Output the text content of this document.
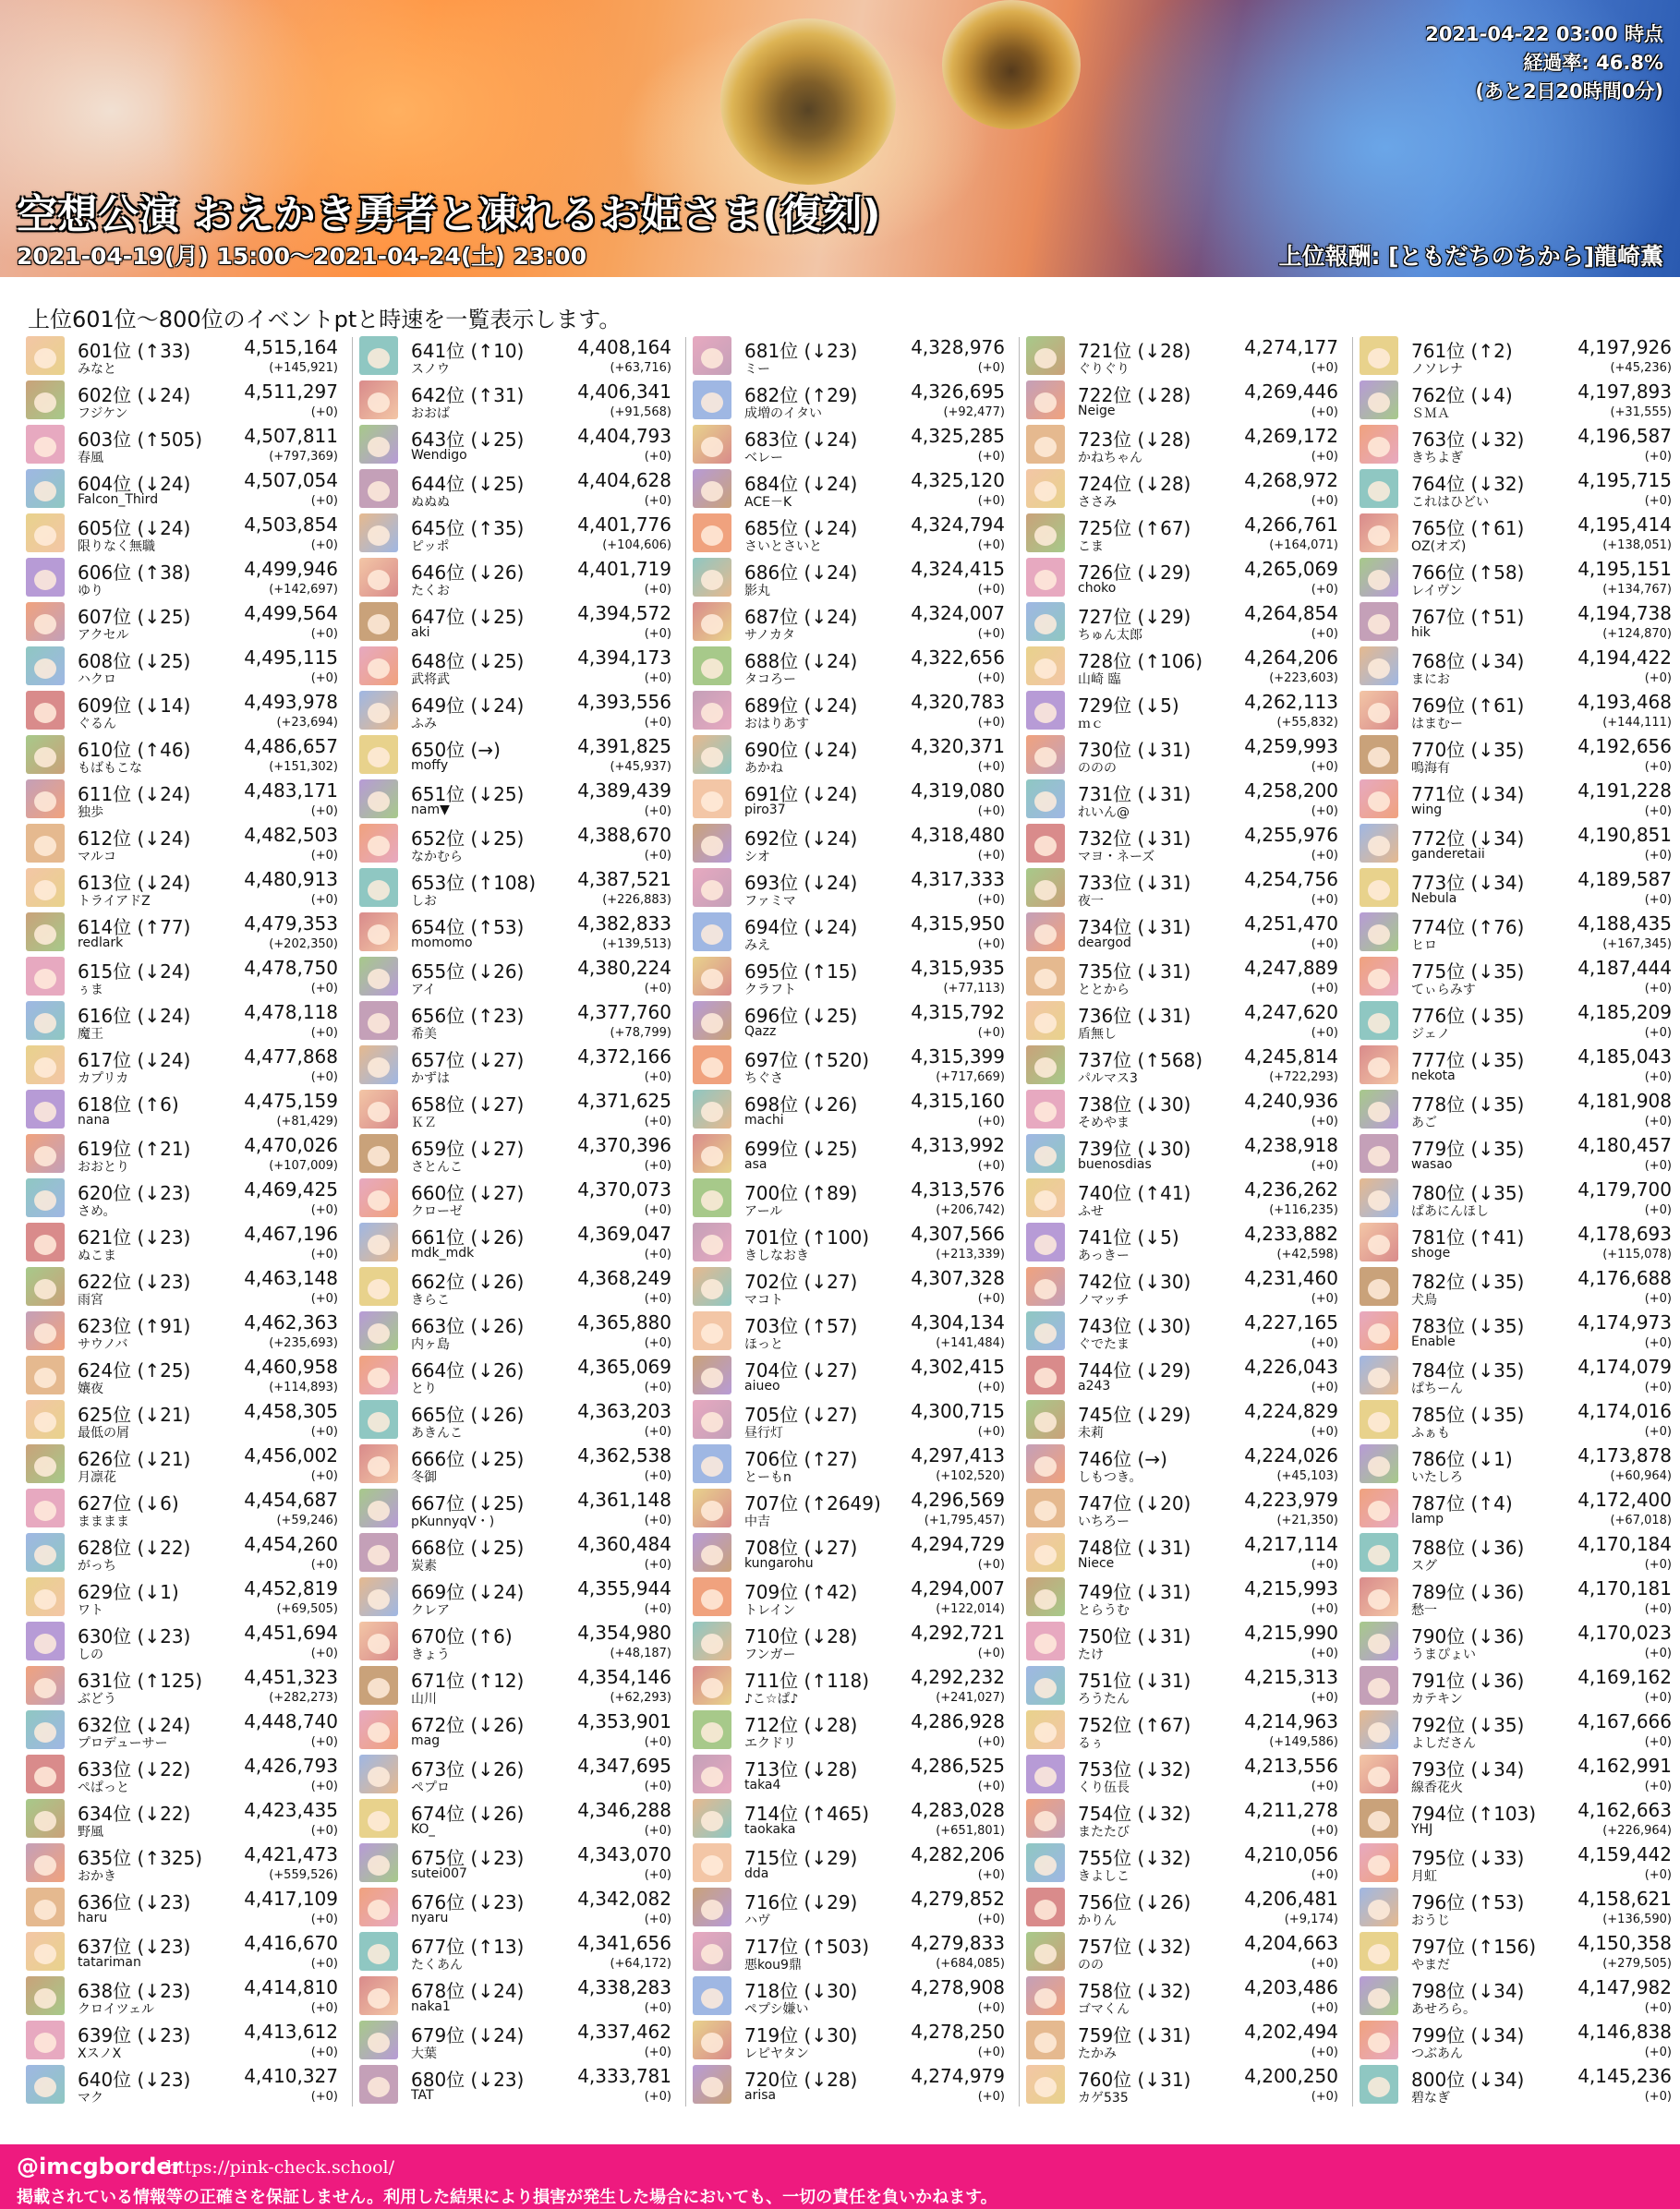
空想公演 おえかき勇者と凍れるお姫さま(復刻)
2021-04-19(月) 15:00～2021-04-24(土) 23:00	上位報酬: [ともだちのちから]龍崎薫
2021-04-22 03:00 時点
経過率: 46.8%
(あと2日20時間0分)
上位601位～800位のイベントptと時速を一覧表示します。
601位 (↑33)	4,515,164
みなと	(+145,921)
602位 (↓24)	4,511,297
フジケン	(+0)
603位 (↑505) 4,507,811
春風	(+797,369)
604位 (↓24)	4,507,054
Falcon_Third	(+0)
605位 (↓24)	4,503,854
限りなく無職	(+0)
606位 (↑38)	4,499,946
ゆり	(+142,697)
607位 (↓25)	4,499,564
アクセル	(+0)
608位 (↓25)	4,495,115
ハクロ	(+0)
609位 (↓14)	4,493,978
ぐるん	(+23,694)
610位 (↑46)	4,486,657
もばもこな	(+151,302)
611位 (↓24)	4,483,171
独歩	(+0)
612位 (↓24)	4,482,503
マルコ	(+0)
613位 (↓24)	4,480,913
トライアドZ	(+0)
614位 (↑77)	4,479,353
redlark	(+202,350)
615位 (↓24)	4,478,750
ぅま	(+0)
616位 (↓24)	4,478,118
魔王	(+0)
617位 (↓24)	4,477,868
カプリカ	(+0)
618位 (↑6)	4,475,159
nana	(+81,429)
619位 (↑21)	4,470,026
おおとり	(+107,009)
620位 (↓23)	4,469,425
さめ。	(+0)
621位 (↓23)	4,467,196
ぬこま	(+0)
622位 (↓23)	4,463,148
雨宮	(+0)
623位 (↑91)	4,462,363
サウノバ	(+235,693)
624位 (↑25)	4,460,958
孃夜	(+114,893)
625位 (↓21)	4,458,305
最低の屑	(+0)
626位 (↓21)	4,456,002
月凛花	(+0)
627位 (↓6)	4,454,687
まままま	(+59,246)
628位 (↓22)	4,454,260
がっち	(+0)
629位 (↓1)	4,452,819
ワト	(+69,505)
630位 (↓23)	4,451,694
しの	(+0)
631位 (↑125) 4,451,323
ぶどう	(+282,273)
632位 (↓24)	4,448,740
プロデューサー	(+0)
633位 (↓22)	4,426,793
ぺぱっと	(+0)
634位 (↓22)	4,423,435
野風	(+0)
635位 (↑325) 4,421,473
おかき	(+559,526)
636位 (↓23)	4,417,109
haru	(+0)
637位 (↓23)	4,416,670
tatariman	(+0)
638位 (↓23)	4,414,810
クロイツェル	(+0)
639位 (↓23)	4,413,612
XスノX	(+0)
640位 (↓23)	4,410,327
マク	(+0)
641位 (↑10)	4,408,164
スノウ	(+63,716)
642位 (↑31)	4,406,341
おおば	(+91,568)
643位 (↓25)	4,404,793
Wendigo	(+0)
644位 (↓25)	4,404,628
ぬぬぬ	(+0)
645位 (↑35)	4,401,776
ピッポ	(+104,606)
646位 (↓26)	4,401,719
たくお	(+0)
647位 (↓25)	4,394,572
aki	(+0)
648位 (↓25)	4,394,173
武将武	(+0)
649位 (↓24)	4,393,556
ふみ	(+0)
650位 (→)	4,391,825
moffy	(+45,937)
651位 (↓25)	4,389,439
nam▼	(+0)
652位 (↓25)	4,388,670
なかむら	(+0)
653位 (↑108) 4,387,521
しお	(+226,883)
654位 (↑53)	4,382,833
momomo	(+139,513)
655位 (↓26)	4,380,224
アイ	(+0)
656位 (↑23)	4,377,760
希美	(+78,799)
657位 (↓27)	4,372,166
かずは	(+0)
658位 (↓27)	4,371,625
ＫＺ	(+0)
659位 (↓27)	4,370,396
さとんこ	(+0)
660位 (↓27)	4,370,073
クローゼ	(+0)
661位 (↓26)	4,369,047
mdk_mdk	(+0)
662位 (↓26)	4,368,249
きらこ	(+0)
663位 (↓26)	4,365,880
内ヶ島	(+0)
664位 (↓26)	4,365,069
とり	(+0)
665位 (↓26)	4,363,203
あきんこ	(+0)
666位 (↓25)	4,362,538
冬御	(+0)
667位 (↓25)	4,361,148
pKunnyqV・)	(+0)
668位 (↓25)	4,360,484
炭素	(+0)
669位 (↓24)	4,355,944
クレア	(+0)
670位 (↑6)	4,354,980
きょう	(+48,187)
671位 (↑12)	4,354,146
山川	(+62,293)
672位 (↓26)	4,353,901
mag	(+0)
673位 (↓26)	4,347,695
ペプロ	(+0)
674位 (↓26)	4,346,288
KO_	(+0)
675位 (↓23)	4,343,070
sutei007	(+0)
676位 (↓23)	4,342,082
nyaru	(+0)
677位 (↑13)	4,341,656
たくあん	(+64,172)
678位 (↓24)	4,338,283
naka1	(+0)
679位 (↓24)	4,337,462
大葉	(+0)
680位 (↓23)	4,333,781
TAT	(+0)
681位 (↓23)	4,328,976
ミー	(+0)
682位 (↑29)	4,326,695
成増のイタい	(+92,477)
683位 (↓24)	4,325,285
ベレー	(+0)
684位 (↓24)	4,325,120
ACE－K	(+0)
685位 (↓24)	4,324,794
さいとさいと	(+0)
686位 (↓24)	4,324,415
影丸	(+0)
687位 (↓24)	4,324,007
サノカタ	(+0)
688位 (↓24)	4,322,656
タコろー	(+0)
689位 (↓24)	4,320,783
おはりあす	(+0)
690位 (↓24)	4,320,371
あかね	(+0)
691位 (↓24)	4,319,080
piro37	(+0)
692位 (↓24)	4,318,480
シオ	(+0)
693位 (↓24)	4,317,333
ファミマ	(+0)
694位 (↓24)	4,315,950
みえ	(+0)
695位 (↑15)	4,315,935
クラフト	(+77,113)
696位 (↓25)	4,315,792
Qazz	(+0)
697位 (↑520) 4,315,399
ちぐさ	(+717,669)
698位 (↓26)	4,315,160
machi	(+0)
699位 (↓25)	4,313,992
asa	(+0)
700位 (↑89)	4,313,576
アール	(+206,742)
701位 (↑100) 4,307,566
きしなおき	(+213,339)
702位 (↓27)	4,307,328
マコト	(+0)
703位 (↑57)	4,304,134
ほっと	(+141,484)
704位 (↓27)	4,302,415
aiueo	(+0)
705位 (↓27)	4,300,715
昼行灯	(+0)
706位 (↑27)	4,297,413
とーもn	(+102,520)
707位 (↑2649) 4,296,569
中吉	(+1,795,457)
708位 (↓27)	4,294,729
kungarohu	(+0)
709位 (↑42)	4,294,007
トレイン	(+122,014)
710位 (↓28)	4,292,721
フンガー	(+0)
711位 (↑118) 4,292,232
♪こ☆ぱ♪	(+241,027)
712位 (↓28)	4,286,928
エクドリ	(+0)
713位 (↓28)	4,286,525
taka4	(+0)
714位 (↑465) 4,283,028
taokaka	(+651,801)
715位 (↓29)	4,282,206
dda	(+0)
716位 (↓29)	4,279,852
ハヴ	(+0)
717位 (↑503) 4,279,833
悪kou9鼎	(+684,085)
718位 (↓30)	4,278,908
ペプシ嫌い	(+0)
719位 (↓30)	4,278,250
レピヤタン	(+0)
720位 (↓28)	4,274,979
arisa	(+0)
721位 (↓28)	4,274,177
ぐりぐり	(+0)
722位 (↓28)	4,269,446
Neige	(+0)
723位 (↓28)	4,269,172
かねちゃん	(+0)
724位 (↓28)	4,268,972
ささみ	(+0)
725位 (↑67)	4,266,761
こま	(+164,071)
726位 (↓29)	4,265,069
choko	(+0)
727位 (↓29)	4,264,854
ちゅん太郎	(+0)
728位 (↑106) 4,264,206
山崎 臨	(+223,603)
729位 (↓5)	4,262,113
ｍｃ	(+55,832)
730位 (↓31)	4,259,993
ののの	(+0)
731位 (↓31)	4,258,200
れいん@	(+0)
732位 (↓31)	4,255,976
マヨ・ネーズ	(+0)
733位 (↓31)	4,254,756
夜一	(+0)
734位 (↓31)	4,251,470
deargod	(+0)
735位 (↓31)	4,247,889
ととから	(+0)
736位 (↓31)	4,247,620
盾無し	(+0)
737位 (↑568) 4,245,814
パルマス3	(+722,293)
738位 (↓30)	4,240,936
そめやま	(+0)
739位 (↓30)	4,238,918
buenosdias	(+0)
740位 (↑41)	4,236,262
ふせ	(+116,235)
741位 (↓5)	4,233,882
あっきー	(+42,598)
742位 (↓30)	4,231,460
ノマッチ	(+0)
743位 (↓30)	4,227,165
ぐでたま	(+0)
744位 (↓29)	4,226,043
a243	(+0)
745位 (↓29)	4,224,829
未莉	(+0)
746位 (→)	4,224,026
しもつき。	(+45,103)
747位 (↓20)	4,223,979
いちろー	(+21,350)
748位 (↓31)	4,217,114
Niece	(+0)
749位 (↓31)	4,215,993
とらうむ	(+0)
750位 (↓31)	4,215,990
たけ	(+0)
751位 (↓31)	4,215,313
ろうたん	(+0)
752位 (↑67)	4,214,963
るぅ	(+149,586)
753位 (↓32)	4,213,556
くり伍長	(+0)
754位 (↓32)	4,211,278
またたび	(+0)
755位 (↓32)	4,210,056
きよしこ	(+0)
756位 (↓26)	4,206,481
かりん	(+9,174)
757位 (↓32)	4,204,663
のの	(+0)
758位 (↓32)	4,203,486
ゴマくん	(+0)
759位 (↓31)	4,202,494
たかみ	(+0)
760位 (↓31)	4,200,250
カゲ535	(+0)
761位 (↑2)	4,197,926
ノソレナ	(+45,236)
762位 (↓4)	4,197,893
ＳＭＡ	(+31,555)
763位 (↓32)	4,196,587
きちよぎ	(+0)
764位 (↓32)	4,195,715
これはひどい	(+0)
765位 (↑61)	4,195,414
OZ(オズ)	(+138,051)
766位 (↑58)	4,195,151
レイヴン	(+134,767)
767位 (↑51)	4,194,738
hik	(+124,870)
768位 (↓34)	4,194,422
まにお	(+0)
769位 (↑61)	4,193,468
はまむー	(+144,111)
770位 (↓35)	4,192,656
鳴海有	(+0)
771位 (↓34)	4,191,228
wing	(+0)
772位 (↓34)	4,190,851
ganderetaii	(+0)
773位 (↓34)	4,189,587
Nebula	(+0)
774位 (↑76)	4,188,435
ヒロ	(+167,345)
775位 (↓35)	4,187,444
てぃらみす	(+0)
776位 (↓35)	4,185,209
ジェノ	(+0)
777位 (↓35)	4,185,043
nekota	(+0)
778位 (↓35)	4,181,908
あご	(+0)
779位 (↓35)	4,180,457
wasao	(+0)
780位 (↓35)	4,179,700
ぱあにんほし	(+0)
781位 (↑41)	4,178,693
shoge	(+115,078)
782位 (↓35)	4,176,688
犬鳥	(+0)
783位 (↓35)	4,174,973
Enable	(+0)
784位 (↓35)	4,174,079
ぱちーん	(+0)
785位 (↓35)	4,174,016
ふぁも	(+0)
786位 (↓1)	4,173,878
いたしろ	(+60,964)
787位 (↑4)	4,172,400
lamp	(+67,018)
788位 (↓36)	4,170,184
スグ	(+0)
789位 (↓36)	4,170,181
愁一	(+0)
790位 (↓36)	4,170,023
うまぴょい	(+0)
791位 (↓36)	4,169,162
カテキン	(+0)
792位 (↓35)	4,167,666
よしださん	(+0)
793位 (↓34)	4,162,991
線香花火	(+0)
794位 (↑103) 4,162,663
YHJ	(+226,964)
795位 (↓33)	4,159,442
月虹	(+0)
796位 (↑53)	4,158,621
おうじ	(+136,590)
797位 (↑156) 4,150,358
やまだ	(+279,505)
798位 (↓34)	4,147,982
あせろら。	(+0)
799位 (↓34)	4,146,838
つぶあん	(+0)
800位 (↓34)	4,145,236
碧なぎ	(+0)
@imcgborder
https://pink-check.school/
掲載されている情報等の正確さを保証しません。利用した結果により損害が発生した場合においても、一切の責任を負いかねます。
